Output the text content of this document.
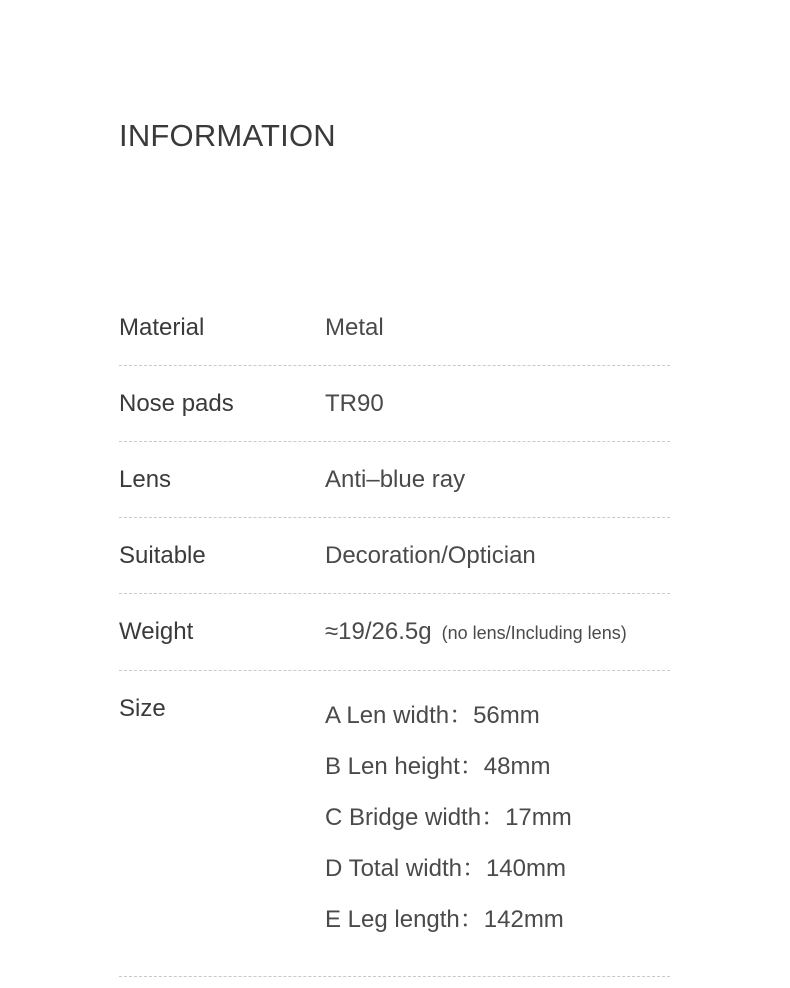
INFORMATION
Material	Metal
Nose pads	TR90
Lens	Anti–blue ray
Suitable	Decoration/Optician
Weight	≈19/26.5g (no lens/Including lens)
Size	A Len width：56mm
B Len height：48mm
C Bridge width：17mm
D Total width：140mm
E Leg length：142mm
